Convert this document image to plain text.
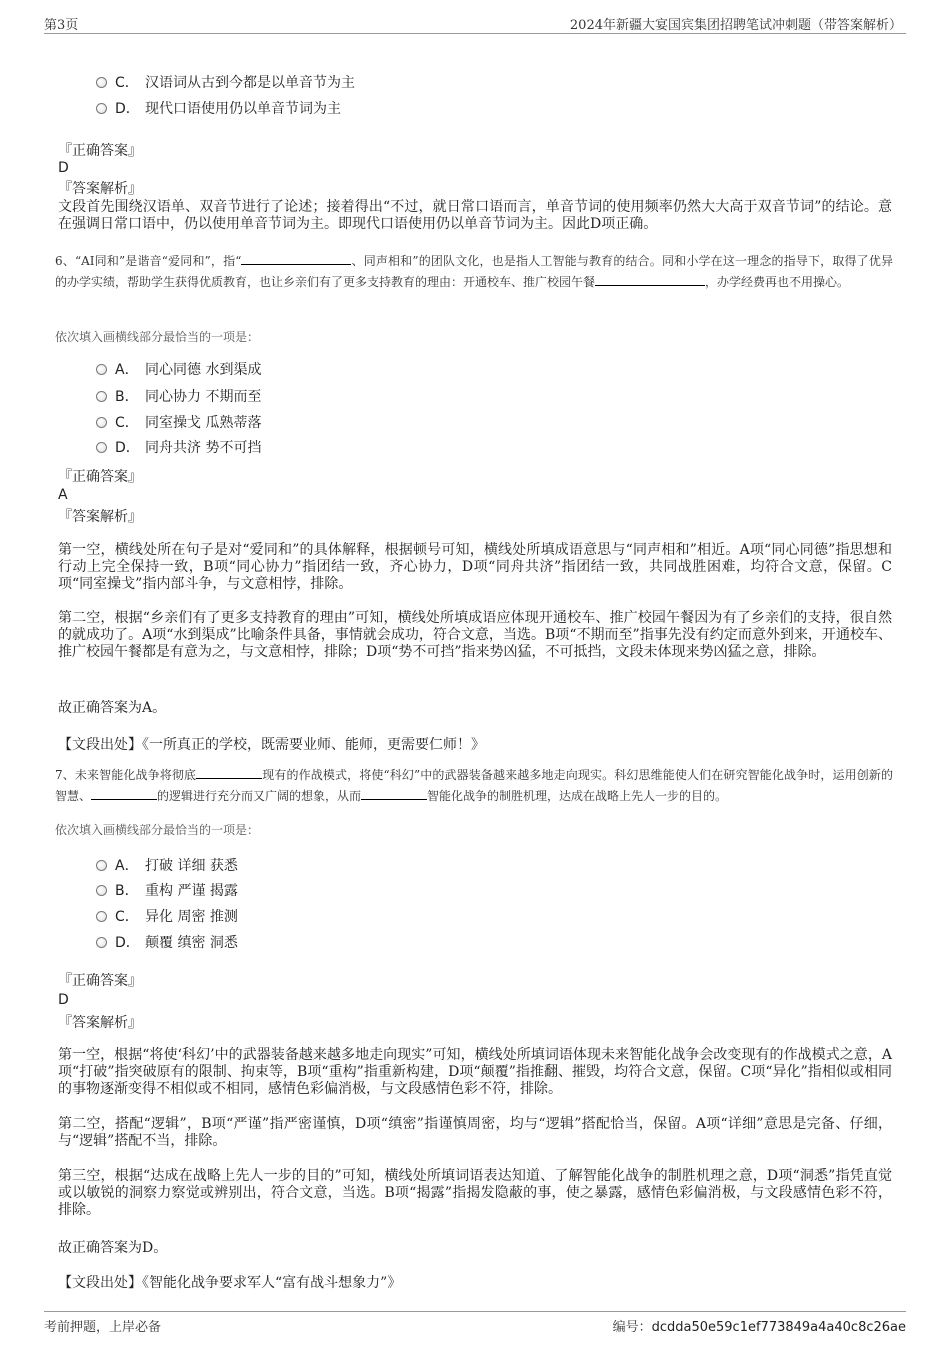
第3页	2024年新疆大宴国宾集团招聘笔试冲刺题（带答案解析）
C． 汉语词从古到今都是以单音节为主
D． 现代口语使用仍以单音节词为主
『正确答案』
D
『答案解析』
文段首先围绕汉语单、双音节进行了论述；接着得出“不过，就日常口语而言，单音节词的使用频率仍然大大高于双音节词”的结论。意在强调日常口语中，仍以使用单音节词为主。即现代口语使用仍以单音节词为主。因此D项正确。
6、“AI同和”是谐音“爱同和”，指“	、同声相和”的团队文化，也是指人工智能与教育的结合。同和小学在这一理念的指导下，取得了优异的办学实绩，帮助学生获得优质教育，也让乡亲们有了更多支持教育的理由：开通校车、推广校园午餐	，办学经费再也不用操心。
依次填入画横线部分最恰当的一项是：
A． 同心同德 水到渠成
B． 同心协力 不期而至
C． 同室操戈 瓜熟蒂落
D． 同舟共济 势不可挡
『正确答案』
A
『答案解析』
第一空，横线处所在句子是对“爱同和”的具体解释，根据顿号可知，横线处所填成语意思与“同声相和”相近。A项“同心同德”指思想和行动上完全保持一致，B项“同心协力”指团结一致，齐心协力，D项“同舟共济”指团结一致，共同战胜困难，均符合文意，保留。C项“同室操戈”指内部斗争，与文意相悖，排除。
第二空，根据“乡亲们有了更多支持教育的理由”可知，横线处所填成语应体现开通校车、推广校园午餐因为有了乡亲们的支持，很自然的就成功了。A项“水到渠成”比喻条件具备，事情就会成功，符合文意，当选。B项“不期而至”指事先没有约定而意外到来，开通校车、推广校园午餐都是有意为之，与文意相悖，排除；D项“势不可挡”指来势凶猛，不可抵挡，文段未体现来势凶猛之意，排除。
故正确答案为A。
【文段出处】《一所真正的学校，既需要业师、能师，更需要仁师！》
7、未来智能化战争将彻底	现有的作战模式，将使“科幻”中的武器装备越来越多地走向现实。科幻思维能使人们在研究智能化战争时，运用创新的智慧、	的逻辑进行充分而又广阔的想象，从而	智能化战争的制胜机理，达成在战略上先人一步的目的。
依次填入画横线部分最恰当的一项是：
A． 打破 详细 获悉
B． 重构 严谨 揭露
C． 异化 周密 推测
D． 颠覆 缜密 洞悉
『正确答案』
D
『答案解析』
第一空，根据“将使‘科幻’中的武器装备越来越多地走向现实”可知，横线处所填词语体现未来智能化战争会改变现有的作战模式之意，A项“打破”指突破原有的限制、拘束等，B项“重构”指重新构建，D项“颠覆”指推翻、摧毁，均符合文意，保留。C项“异化”指相似或相同的事物逐渐变得不相似或不相同，感情色彩偏消极，与文段感情色彩不符，排除。
第二空，搭配“逻辑”，B项“严谨”指严密谨慎，D项“缜密”指谨慎周密，均与“逻辑”搭配恰当，保留。A项“详细”意思是完备、仔细，与“逻辑”搭配不当，排除。
第三空，根据“达成在战略上先人一步的目的”可知，横线处所填词语表达知道、了解智能化战争的制胜机理之意，D项“洞悉”指凭直觉或以敏锐的洞察力察觉或辨别出，符合文意，当选。B项“揭露”指揭发隐蔽的事，使之暴露，感情色彩偏消极，与文段感情色彩不符，排除。
故正确答案为D。
【文段出处】《智能化战争要求军人“富有战斗想象力”》
考前押题，上岸必备	编号：dcdda50e59c1ef773849a4a40c8c26ae
